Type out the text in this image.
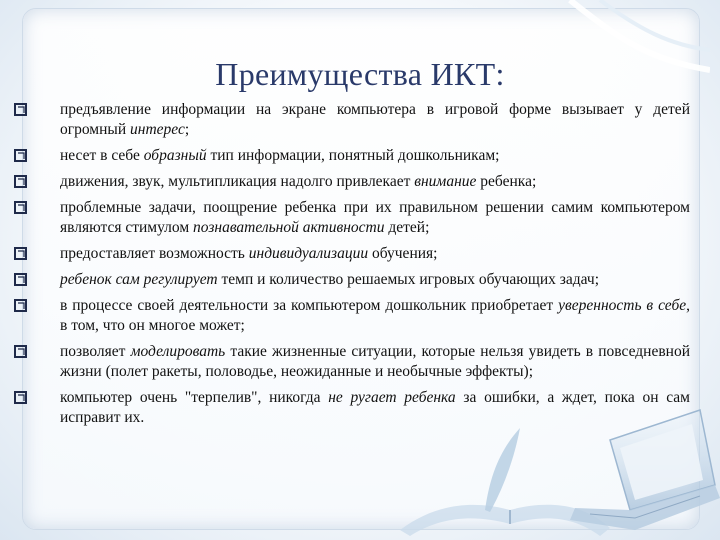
Преимущества ИКТ:
предъявление информации на экране компьютера в игровой форме вызывает у детей огромный интерес;
несет в себе образный тип информации, понятный дошкольникам;
движения, звук, мультипликация надолго привлекает внимание ребенка;
проблемные задачи, поощрение ребенка при их правильном решении самим компьютером являются стимулом познавательной активности детей;
предоставляет возможность индивидуализации обучения;
ребенок сам регулирует темп и количество решаемых игровых обучающих задач;
в процессе своей деятельности за компьютером дошкольник приобретает уверенность в себе, в том, что он многое может;
позволяет моделировать такие жизненные ситуации, которые нельзя увидеть в повседневной жизни (полет ракеты, половодье, неожиданные и необычные эффекты);
компьютер очень "терпелив", никогда не ругает ребенка за ошибки, а ждет, пока он сам исправит их.
